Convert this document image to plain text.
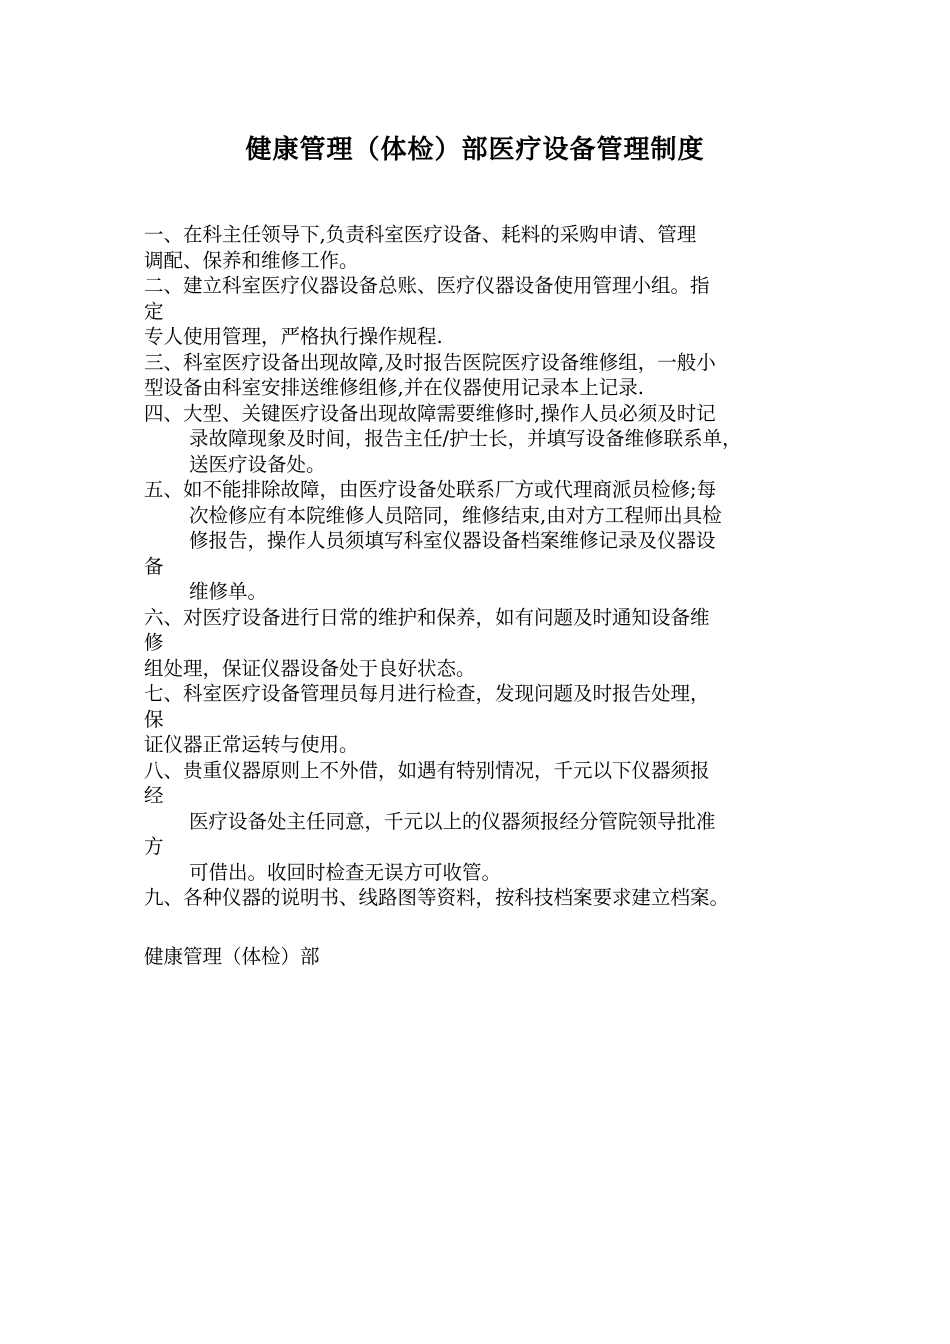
健康管理（体检）部医疗设备管理制度
一、在科主任领导下,负责科室医疗设备、耗料的采购申请、管理
调配、保养和维修工作。
二、建立科室医疗仪器设备总账、医疗仪器设备使用管理小组。指
定
专人使用管理，严格执行操作规程.
三、科室医疗设备出现故障,及时报告医院医疗设备维修组，一般小
型设备由科室安排送维修组修,并在仪器使用记录本上记录.
四、大型、关键医疗设备出现故障需要维修时,操作人员必须及时记
录故障现象及时间，报告主任/护士长，并填写设备维修联系单，
送医疗设备处。
五、如不能排除故障，由医疗设备处联系厂方或代理商派员检修;每
次检修应有本院维修人员陪同，维修结束,由对方工程师出具检
修报告，操作人员须填写科室仪器设备档案维修记录及仪器设
备
维修单。
六、对医疗设备进行日常的维护和保养，如有问题及时通知设备维
修
组处理，保证仪器设备处于良好状态。
七、科室医疗设备管理员每月进行检查，发现问题及时报告处理，
保
证仪器正常运转与使用。
八、贵重仪器原则上不外借，如遇有特别情况，千元以下仪器须报
经
医疗设备处主任同意，千元以上的仪器须报经分管院领导批准
方
可借出。收回时检查无误方可收管。
九、各种仪器的说明书、线路图等资料，按科技档案要求建立档案。
健康管理（体检）部
